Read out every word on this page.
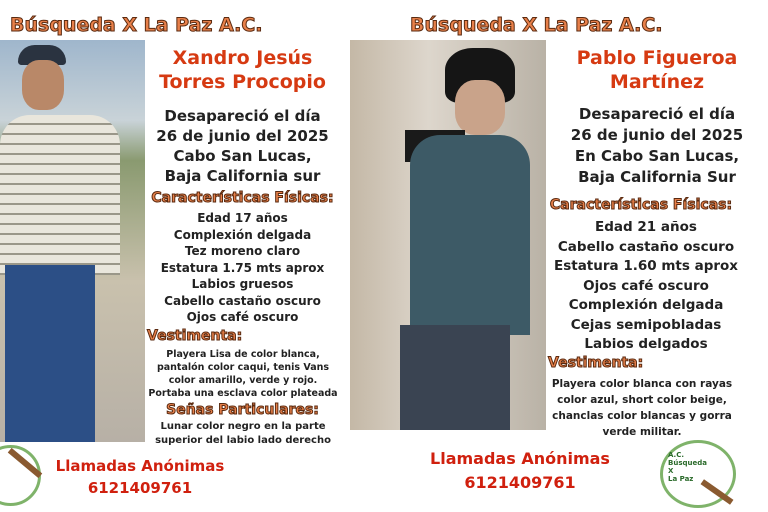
Búsqueda X La Paz A.C.
Xandro Jesús
Torres Procopio
Desapareció el día
26 de junio del 2025
Cabo San Lucas,
Baja California sur
Características Físicas:
Edad 17 años
Complexión delgada
Tez moreno claro
Estatura 1.75 mts aprox
Labios gruesos
Cabello castaño oscuro
Ojos café oscuro
Vestimenta:
Playera Lisa de color blanca,
pantalón color caqui, tenis Vans
color amarillo, verde y rojo.
Portaba una esclava color plateada
Señas Particulares:
Lunar color negro en la parte
superior del labio lado derecho
Llamadas Anónimas
6121409761
Búsqueda X La Paz A.C.
Pablo Figueroa
Martínez
Desapareció el día
26 de junio del 2025
En Cabo San Lucas,
Baja California Sur
Características Físicas:
Edad 21 años
Cabello castaño oscuro
Estatura 1.60 mts aprox
Ojos café oscuro
Complexión delgada
Cejas semipobladas
Labios delgados
Vestimenta:
Playera color blanca con rayas
color azul, short color beige,
chanclas color blancas y gorra
verde militar.
Llamadas Anónimas
6121409761
A.C.
Búsqueda
X
La Paz
